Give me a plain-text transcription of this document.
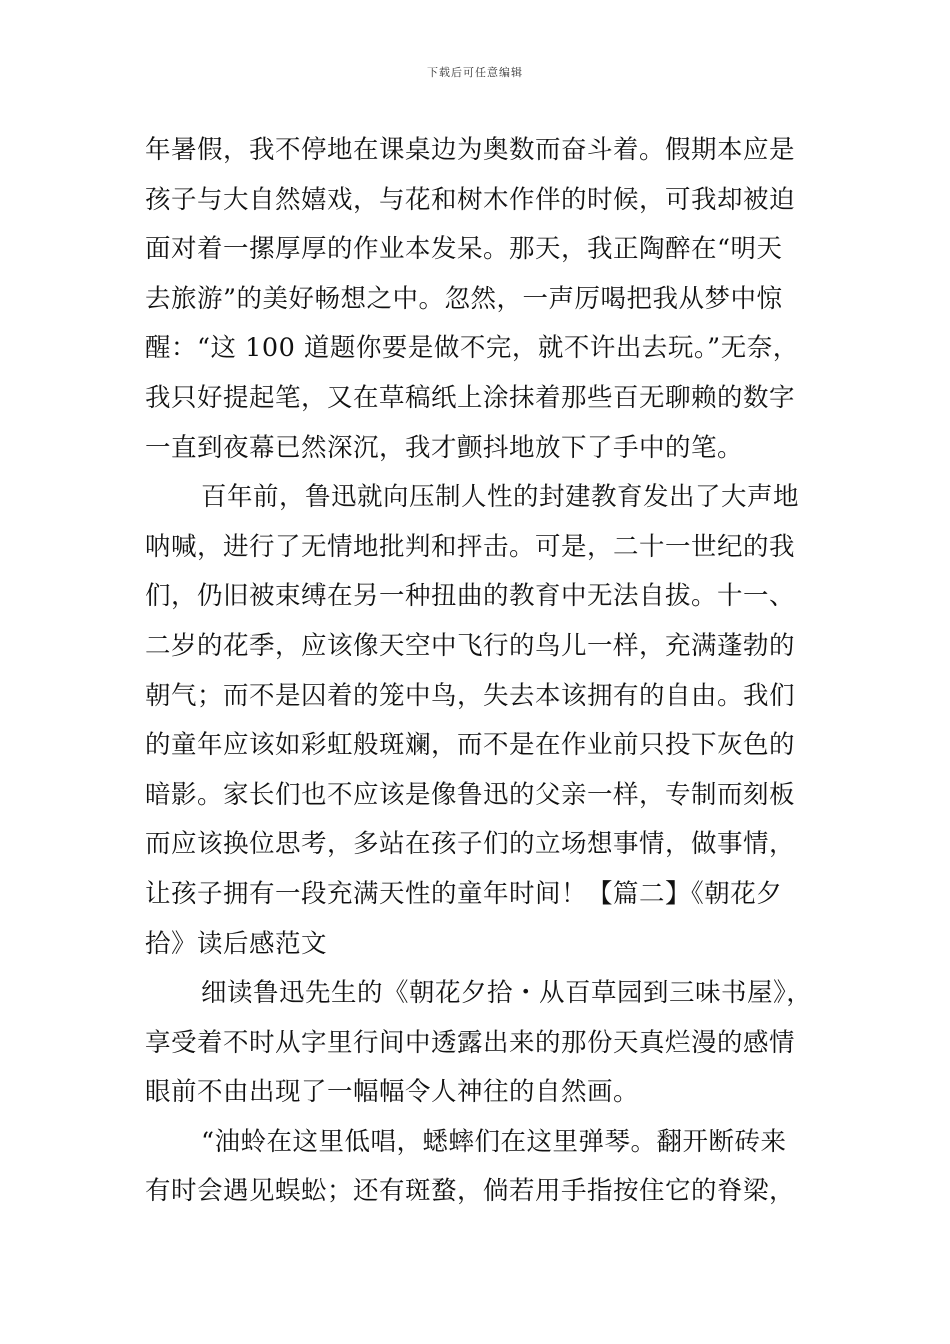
下载后可任意编辑
年暑假，我不停地在课桌边为奥数而奋斗着。假期本应是
孩子与大自然嬉戏，与花和树木作伴的时候，可我却被迫
面对着一摞厚厚的作业本发呆。那天，我正陶醉在“明天
去旅游”的美好畅想之中。忽然，一声厉喝把我从梦中惊
醒：“这 100 道题你要是做不完，就不许出去玩。”无奈，
我只好提起笔，又在草稿纸上涂抹着那些百无聊赖的数字
一直到夜幕已然深沉，我才颤抖地放下了手中的笔。
百年前，鲁迅就向压制人性的封建教育发出了大声地
呐喊，进行了无情地批判和抨击。可是，二十一世纪的我
们，仍旧被束缚在另一种扭曲的教育中无法自拔。十一、
二岁的花季，应该像天空中飞行的鸟儿一样，充满蓬勃的
朝气；而不是囚着的笼中鸟，失去本该拥有的自由。我们
的童年应该如彩虹般斑斓，而不是在作业前只投下灰色的
暗影。家长们也不应该是像鲁迅的父亲一样，专制而刻板
而应该换位思考，多站在孩子们的立场想事情，做事情，
让孩子拥有一段充满天性的童年时间！【篇二】《朝花夕
拾》读后感范文
细读鲁迅先生的《朝花夕拾・从百草园到三味书屋》，
享受着不时从字里行间中透露出来的那份天真烂漫的感情
眼前不由出现了一幅幅令人神往的自然画。
“油蛉在这里低唱，蟋蟀们在这里弹琴。翻开断砖来
有时会遇见蜈蚣；还有斑蝥，倘若用手指按住它的脊梁，
